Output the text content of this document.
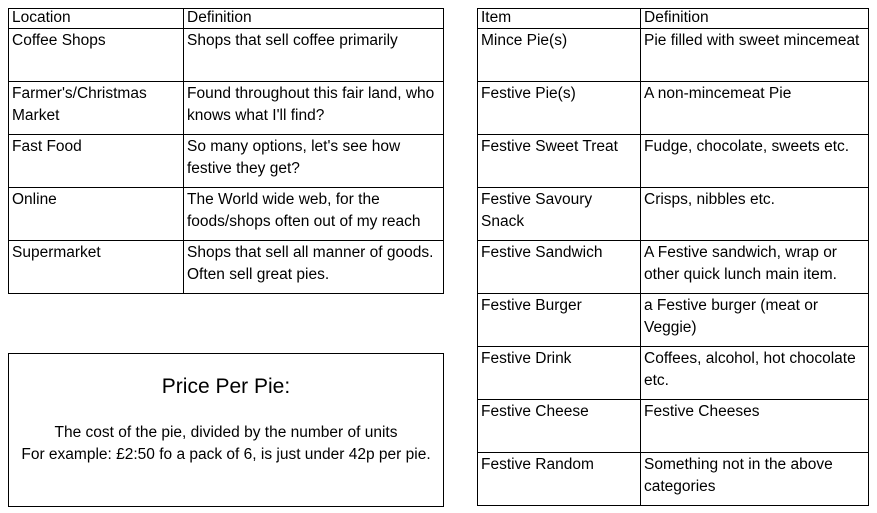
Location	Definition
Coffee Shops	Shops that sell coffee primarily
Farmer's/Christmas Market	Found throughout this fair land, who knows what I'll find?
Fast Food	So many options, let's see how festive they get?
Online	The World wide web, for the foods/shops often out of my reach
Supermarket	Shops that sell all manner of goods. Often sell great pies.
Price Per Pie:
The cost of the pie, divided by the number of units
For example: £2:50 fo a pack of 6, is just under 42p per pie.
Item	Definition
Mince Pie(s)	Pie filled with sweet mincemeat
Festive Pie(s)	A non-mincemeat Pie
Festive Sweet Treat	Fudge, chocolate, sweets etc.
Festive Savoury Snack	Crisps, nibbles etc.
Festive Sandwich	A Festive sandwich, wrap or other quick lunch main item.
Festive Burger	a Festive burger (meat or Veggie)
Festive Drink	Coffees, alcohol, hot chocolate etc.
Festive Cheese	Festive Cheeses
Festive Random	Something not in the above categories
